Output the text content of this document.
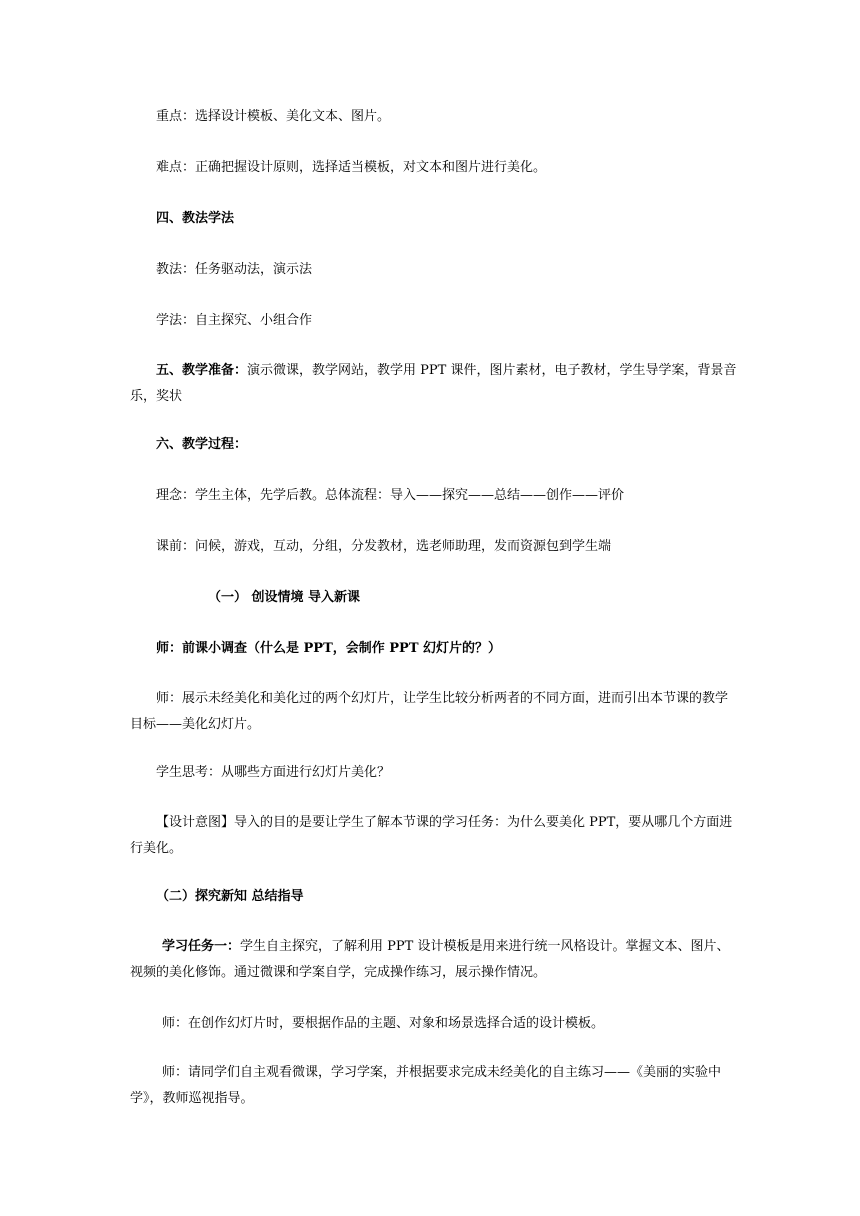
重点：选择设计模板、美化文本、图片。
难点：正确把握设计原则，选择适当模板，对文本和图片进行美化。
四、教法学法
教法：任务驱动法，演示法
学法：自主探究、小组合作
五、教学准备：演示微课，教学网站，教学用 PPT 课件，图片素材，电子教材，学生导学案，背景音乐，奖状
六、教学过程：
理念：学生主体，先学后教。总体流程：导入——探究——总结——创作——评价
课前：问候，游戏，互动，分组，分发教材，选老师助理，发而资源包到学生端
（一） 创设情境 导入新课
师：前课小调查（什么是 PPT，会制作 PPT 幻灯片的？）
师：展示未经美化和美化过的两个幻灯片，让学生比较分析两者的不同方面，进而引出本节课的教学目标——美化幻灯片。
学生思考：从哪些方面进行幻灯片美化？
【设计意图】导入的目的是要让学生了解本节课的学习任务：为什么要美化 PPT，要从哪几个方面进行美化。
（二）探究新知 总结指导
学习任务一：学生自主探究，了解利用 PPT 设计模板是用来进行统一风格设计。掌握文本、图片、视频的美化修饰。通过微课和学案自学，完成操作练习，展示操作情况。
师：在创作幻灯片时，要根据作品的主题、对象和场景选择合适的设计模板。
师：请同学们自主观看微课，学习学案，并根据要求完成未经美化的自主练习——《美丽的实验中学》，教师巡视指导。
